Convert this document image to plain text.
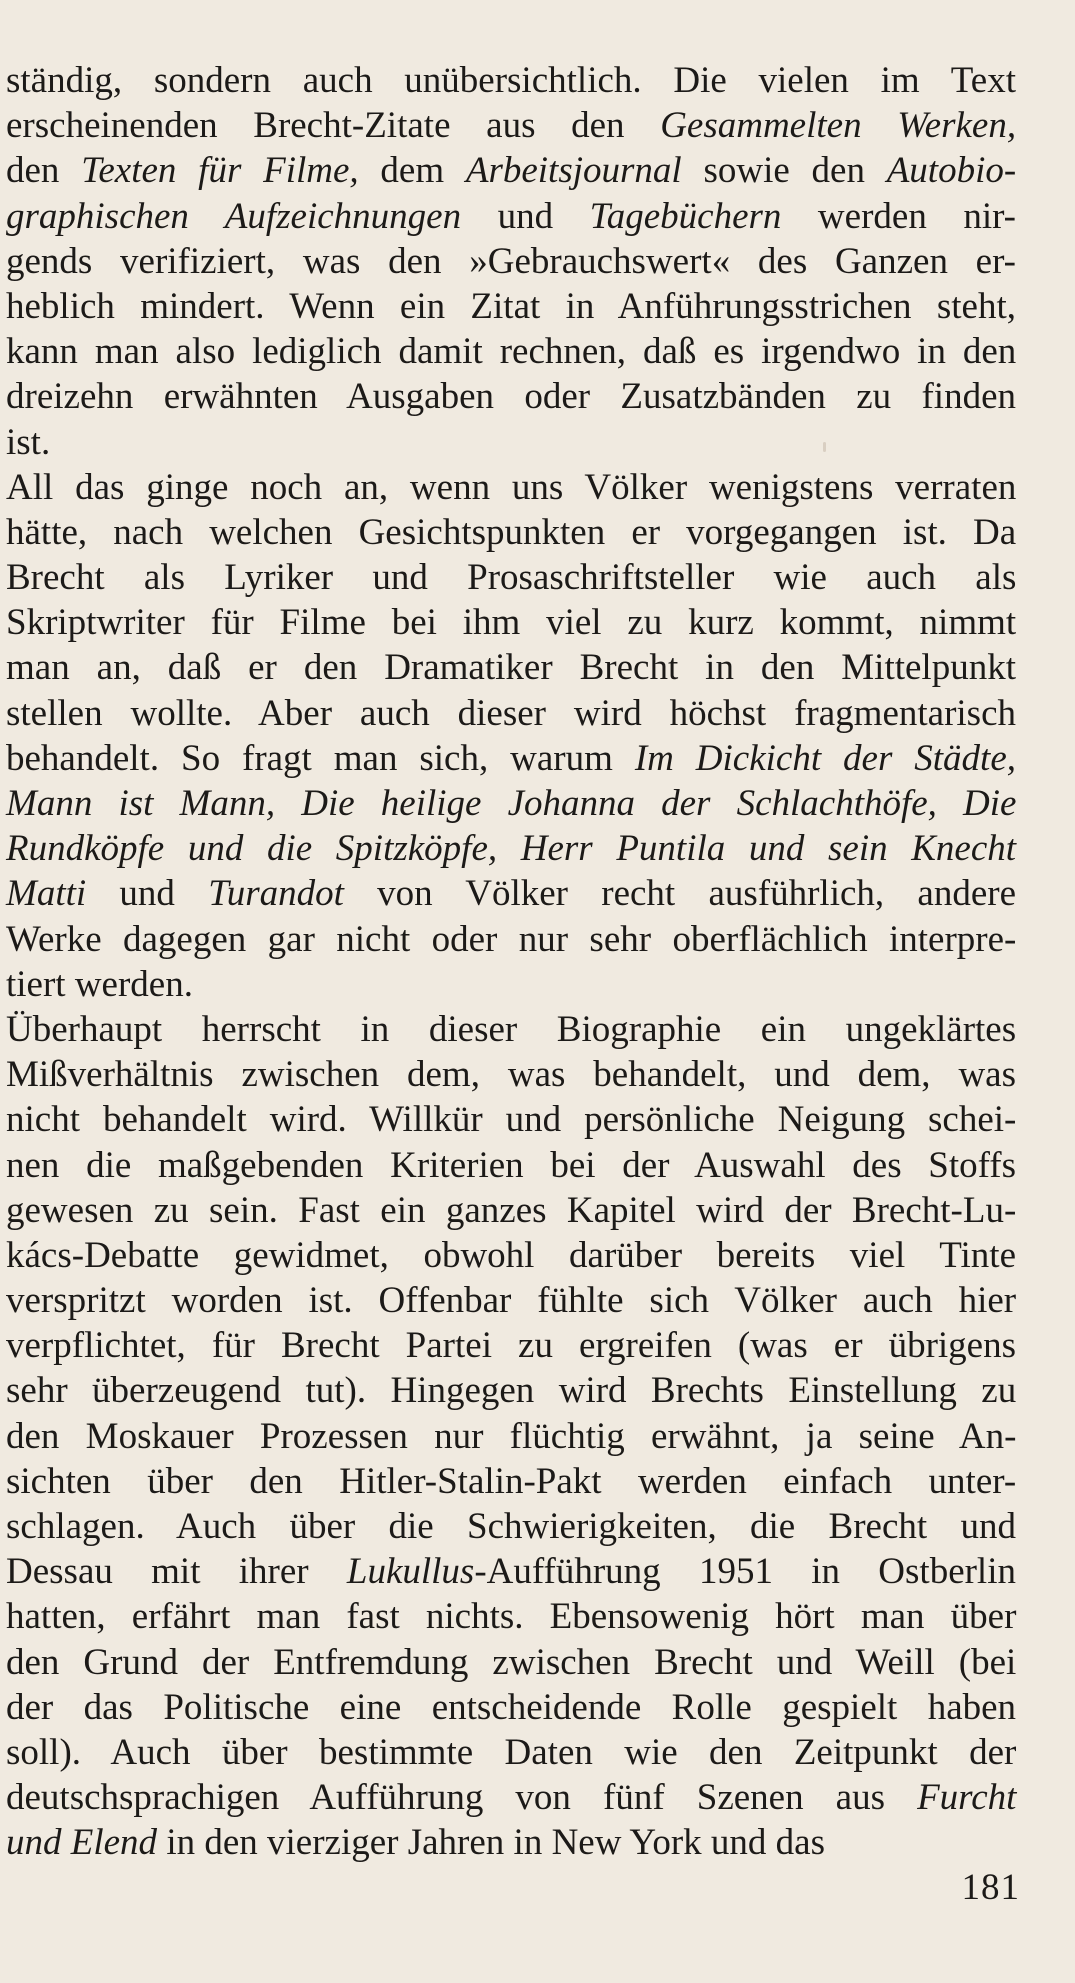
ständig, sondern auch unübersichtlich. Die vielen im Text
erscheinenden Brecht-Zitate aus den Gesammelten Werken,
den Texten für Filme, dem Arbeitsjournal sowie den Autobio-
graphischen Aufzeichnungen und Tagebüchern werden nir-
gends verifiziert, was den »Gebrauchswert« des Ganzen er-
heblich mindert. Wenn ein Zitat in Anführungsstrichen steht,
kann man also lediglich damit rechnen, daß es irgendwo in den
dreizehn erwähnten Ausgaben oder Zusatzbänden zu finden
ist.
All das ginge noch an, wenn uns Völker wenigstens verraten
hätte, nach welchen Gesichtspunkten er vorgegangen ist. Da
Brecht als Lyriker und Prosaschriftsteller wie auch als
Skriptwriter für Filme bei ihm viel zu kurz kommt, nimmt
man an, daß er den Dramatiker Brecht in den Mittelpunkt
stellen wollte. Aber auch dieser wird höchst fragmentarisch
behandelt. So fragt man sich, warum Im Dickicht der Städte,
Mann ist Mann, Die heilige Johanna der Schlachthöfe, Die
Rundköpfe und die Spitzköpfe, Herr Puntila und sein Knecht
Matti und Turandot von Völker recht ausführlich, andere
Werke dagegen gar nicht oder nur sehr oberflächlich interpre-
tiert werden.
Überhaupt herrscht in dieser Biographie ein ungeklärtes
Mißverhältnis zwischen dem, was behandelt, und dem, was
nicht behandelt wird. Willkür und persönliche Neigung schei-
nen die maßgebenden Kriterien bei der Auswahl des Stoffs
gewesen zu sein. Fast ein ganzes Kapitel wird der Brecht-Lu-
kács-Debatte gewidmet, obwohl darüber bereits viel Tinte
verspritzt worden ist. Offenbar fühlte sich Völker auch hier
verpflichtet, für Brecht Partei zu ergreifen (was er übrigens
sehr überzeugend tut). Hingegen wird Brechts Einstellung zu
den Moskauer Prozessen nur flüchtig erwähnt, ja seine An-
sichten über den Hitler-Stalin-Pakt werden einfach unter-
schlagen. Auch über die Schwierigkeiten, die Brecht und
Dessau mit ihrer Lukullus-Aufführung 1951 in Ostberlin
hatten, erfährt man fast nichts. Ebensowenig hört man über
den Grund der Entfremdung zwischen Brecht und Weill (bei
der das Politische eine entscheidende Rolle gespielt haben
soll). Auch über bestimmte Daten wie den Zeitpunkt der
deutschsprachigen Aufführung von fünf Szenen aus Furcht
und Elend in den vierziger Jahren in New York und das
181
